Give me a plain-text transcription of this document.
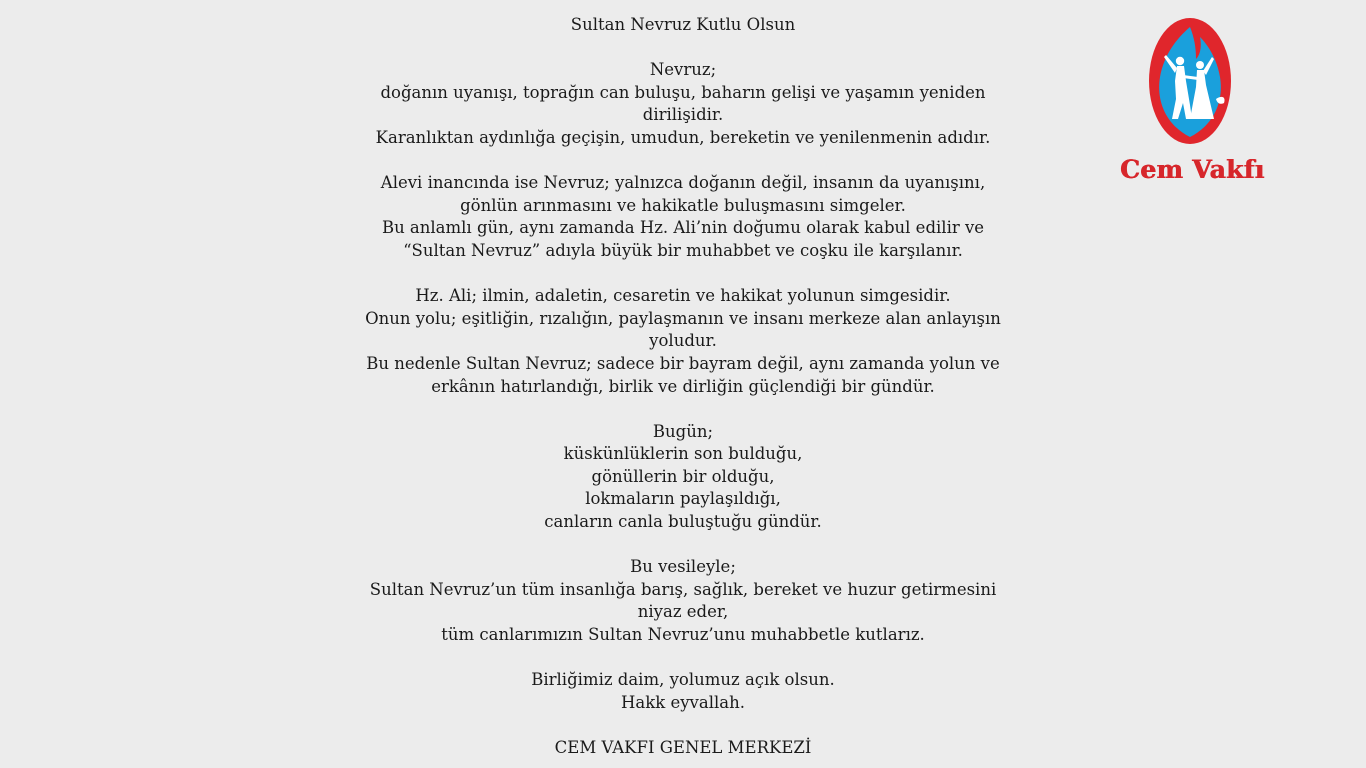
Sultan Nevruz Kutlu Olsun
Nevruz;
doğanın uyanışı, toprağın can buluşu, baharın gelişi ve yaşamın yeniden
dirilişidir.
Karanlıktan aydınlığa geçişin, umudun, bereketin ve yenilenmenin adıdır.
Alevi inancında ise Nevruz; yalnızca doğanın değil, insanın da uyanışını,
gönlün arınmasını ve hakikatle buluşmasını simgeler.
Bu anlamlı gün, aynı zamanda Hz. Ali’nin doğumu olarak kabul edilir ve
“Sultan Nevruz” adıyla büyük bir muhabbet ve coşku ile karşılanır.
Hz. Ali; ilmin, adaletin, cesaretin ve hakikat yolunun simgesidir.
Onun yolu; eşitliğin, rızalığın, paylaşmanın ve insanı merkeze alan anlayışın
yoludur.
Bu nedenle Sultan Nevruz; sadece bir bayram değil, aynı zamanda yolun ve
erkânın hatırlandığı, birlik ve dirliğin güçlendiği bir gündür.
Bugün;
küskünlüklerin son bulduğu,
gönüllerin bir olduğu,
lokmaların paylaşıldığı,
canların canla buluştuğu gündür.
Bu vesileyle;
Sultan Nevruz’un tüm insanlığa barış, sağlık, bereket ve huzur getirmesini
niyaz eder,
tüm canlarımızın Sultan Nevruz’unu muhabbetle kutlarız.
Birliğimiz daim, yolumuz açık olsun.
Hakk eyvallah.
CEM VAKFI GENEL MERKEZİ
Cem Vakfı
